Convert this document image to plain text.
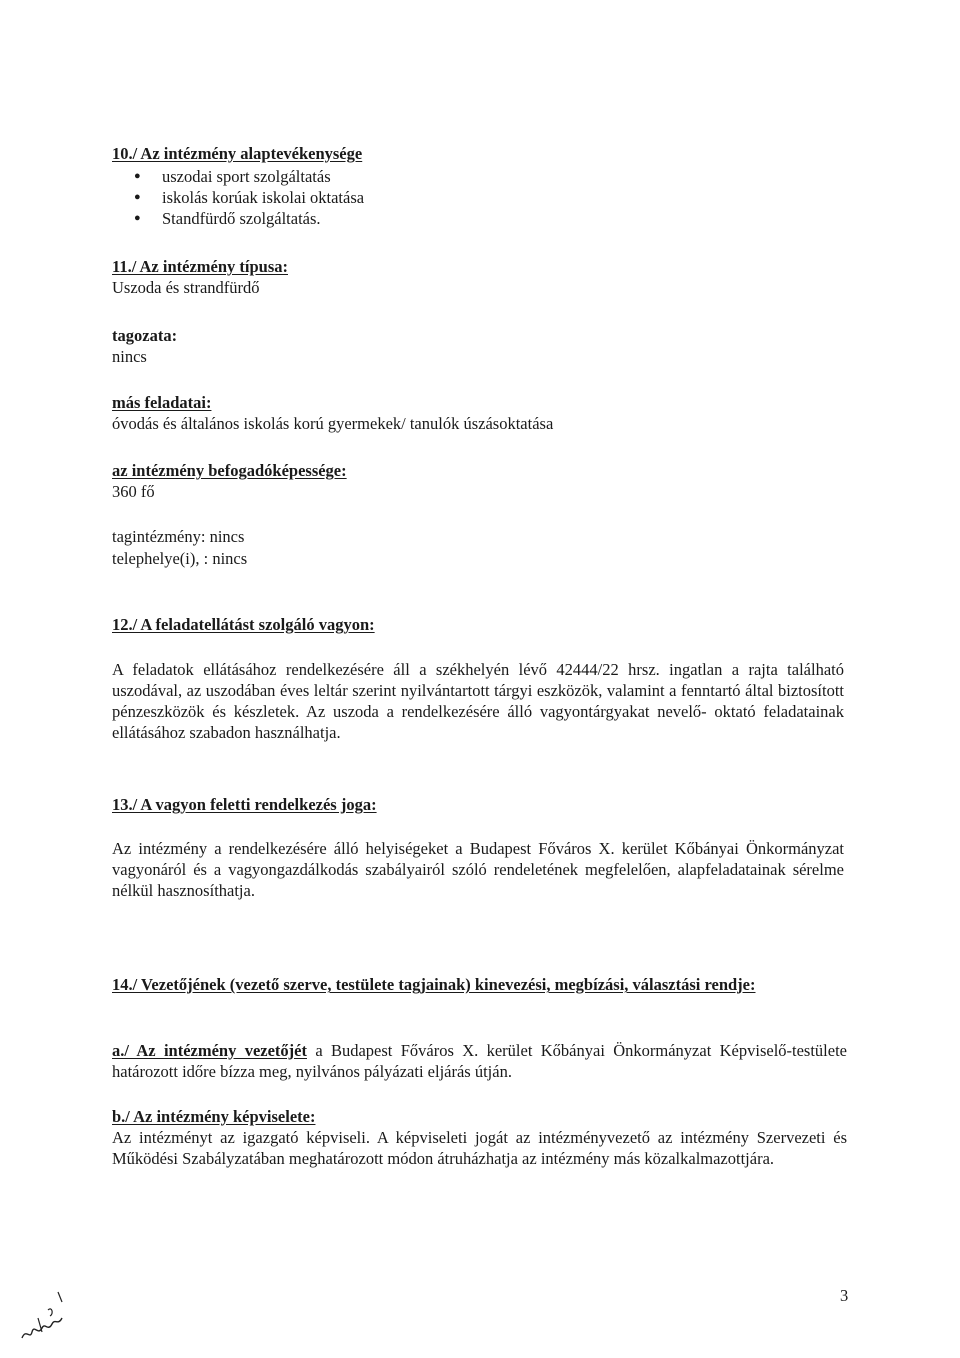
10./ Az intézmény alaptevékenysége
● uszodai sport szolgáltatás
● iskolás korúak iskolai oktatása
● Standfürdő szolgáltatás.
11./ Az intézmény típusa:
Uszoda és strandfürdő
tagozata:
nincs
más feladatai:
óvodás és általános iskolás korú gyermekek/ tanulók úszásoktatása
az intézmény befogadóképessége:
360 fő
tagintézmény: nincs
telephelye(i), : nincs
12./ A feladatellátást szolgáló vagyon:
A feladatok ellátásához rendelkezésére áll a székhelyén lévő 42444/22 hrsz. ingatlan a rajta található uszodával, az uszodában éves leltár szerint nyilvántartott tárgyi eszközök, valamint a fenntartó által biztosított pénzeszközök és készletek. Az uszoda a rendelkezésére álló vagyontárgyakat nevelő- oktató feladatainak ellátásához szabadon használhatja.
13./ A vagyon feletti rendelkezés joga:
Az intézmény a rendelkezésére álló helyiségeket a Budapest Főváros X. kerület Kőbányai Önkormányzat vagyonáról és a vagyongazdálkodás szabályairól szóló rendeletének megfelelően, alapfeladatainak sérelme nélkül hasznosíthatja.
14./ Vezetőjének (vezető szerve, testülete tagjainak) kinevezési, megbízási, választási rendje:
a./ Az intézmény vezetőjét a Budapest Főváros X. kerület Kőbányai Önkormányzat Képviselő-testülete határozott időre bízza meg, nyilvános pályázati eljárás útján.
b./ Az intézmény képviselete:
Az intézményt az igazgató képviseli. A képviseleti jogát az intézményvezető az intézmény Szervezeti és Működési Szabályzatában meghatározott módon átruházhatja az intézmény más közalkalmazottjára.
3
